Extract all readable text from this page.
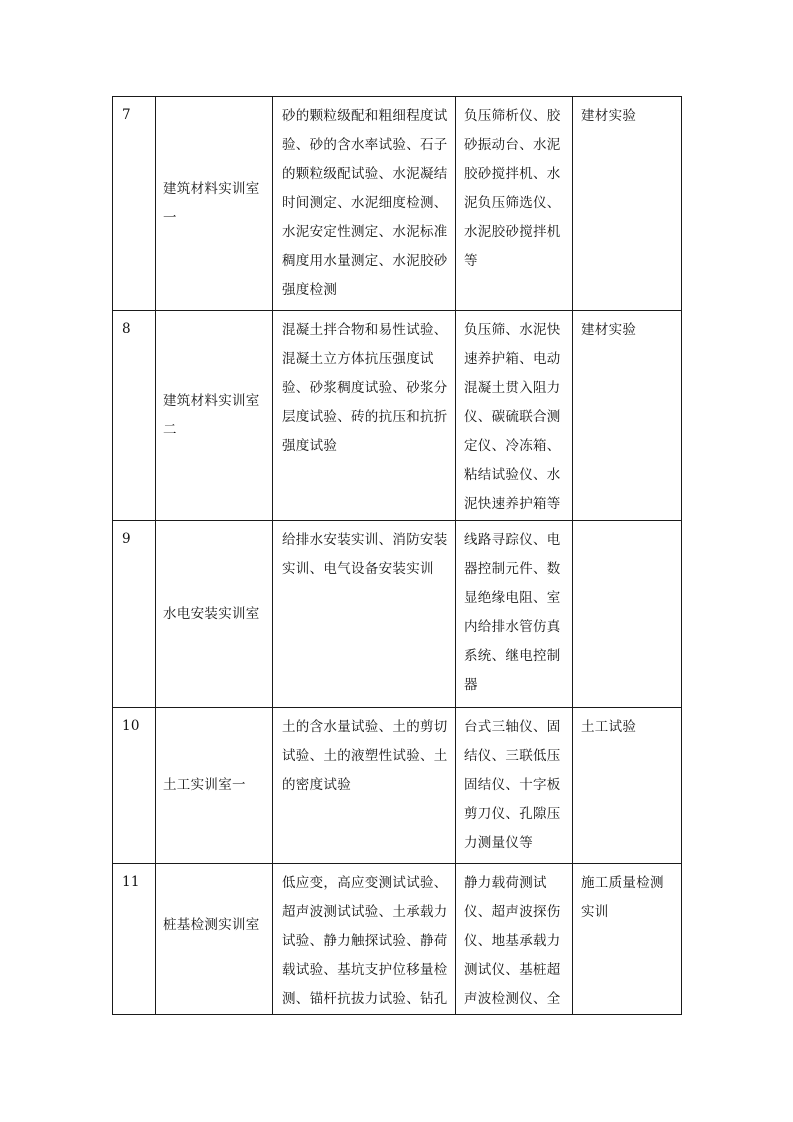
7	建筑材料实训室一	砂的颗粒级配和粗细程度试验、砂的含水率试验、石子的颗粒级配试验、水泥凝结时间测定、水泥细度检测、水泥安定性测定、水泥标准稠度用水量测定、水泥胶砂强度检测	负压筛析仪、胶砂振动台、水泥胶砂搅拌机、水泥负压筛选仪、水泥胶砂搅拌机等	建材实验
8	建筑材料实训室二	混凝土拌合物和易性试验、混凝土立方体抗压强度试验、砂浆稠度试验、砂浆分层度试验、砖的抗压和抗折强度试验	负压筛、水泥快速养护箱、电动混凝土贯入阻力仪、碳硫联合测定仪、冷冻箱、粘结试验仪、水泥快速养护箱等	建材实验
9	水电安装实训室	给排水安装实训、消防安装实训、电气设备安装实训	线路寻踪仪、电器控制元件、数显绝缘电阻、室内给排水管仿真系统、继电控制器	
10	土工实训室一	土的含水量试验、土的剪切试验、土的液塑性试验、土的密度试验	台式三轴仪、固结仪、三联低压固结仪、十字板剪刀仪、孔隙压力测量仪等	土工试验
11	桩基检测实训室	低应变，高应变测试试验、超声波测试试验、土承载力试验、静力触探试验、静荷载试验、基坑支护位移量检测、锚杆抗拔力试验、钻孔	静力载荷测试仪、超声波探伤仪、地基承载力测试仪、基桩超声波检测仪、全	施工质量检测实训
